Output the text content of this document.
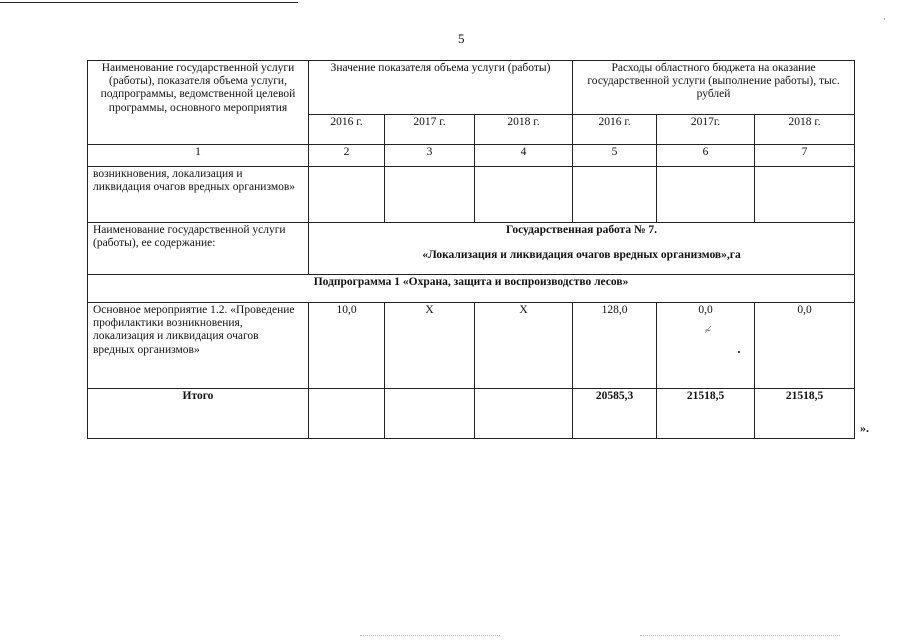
·
5
Наименование государственной услуги (работы), показателя объема услуги, подпрограммы, ведомственной целевой программы, основного мероприятия	Значение показателя объема услуги (работы)			Расходы областного бюджета на оказание государственной услуги (выполнение работы), тыс. рублей		
	2016 г.	2017 г.	2018 г.	2016 г.	2017г.	2018 г.
1	2	3	4	5	6	7
возникновения, локализация и ликвидация очагов вредных организмов»						
Наименование государственной услуги (работы), ее содержание:	Государственная работа № 7.
«Локализация и ликвидация очагов вредных организмов»,га					
Подпрограмма 1 «Охрана, защита и воспроизводство лесов»						
Основное мероприятие 1.2. «Проведение профилактики возникновения, локализация и ликвидация очагов вредных организмов»	10,0	Х	Х	128,0	0,0	0,0
Итого				20585,3	21518,5	21518,5
≁
».
